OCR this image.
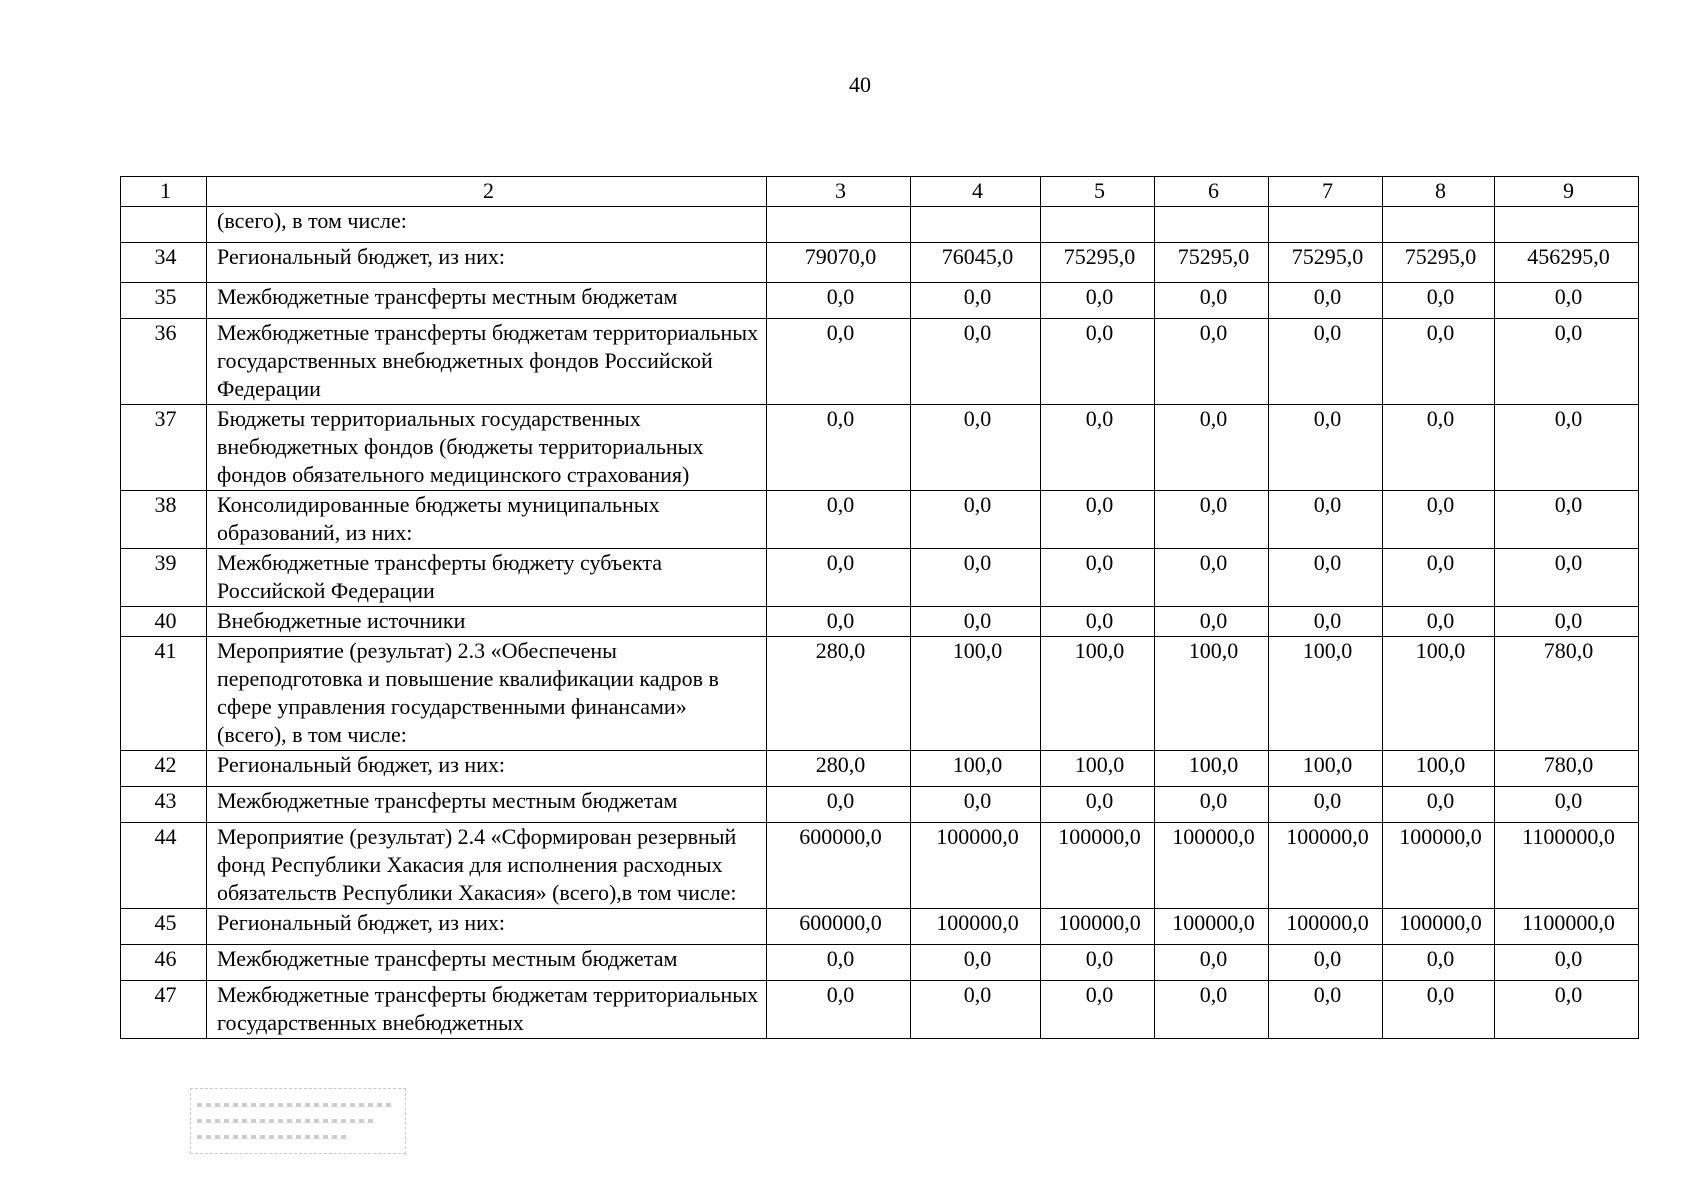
40
1	2	3	4	5	6	7	8	9
	(всего), в том числе:							
34	Региональный бюджет, из них:	79070,0	76045,0	75295,0	75295,0	75295,0	75295,0	456295,0
35	Межбюджетные трансферты местным бюджетам	0,0	0,0	0,0	0,0	0,0	0,0	0,0
36	Межбюджетные трансферты бюджетам территориальных государственных внебюджетных фондов Российской Федерации	0,0	0,0	0,0	0,0	0,0	0,0	0,0
37	Бюджеты территориальных государственных внебюджетных фондов (бюджеты территориальных фондов обязательного медицинского страхования)	0,0	0,0	0,0	0,0	0,0	0,0	0,0
38	Консолидированные бюджеты муниципальных образований, из них:	0,0	0,0	0,0	0,0	0,0	0,0	0,0
39	Межбюджетные трансферты бюджету субъекта Российской Федерации	0,0	0,0	0,0	0,0	0,0	0,0	0,0
40	Внебюджетные источники	0,0	0,0	0,0	0,0	0,0	0,0	0,0
41	Мероприятие (результат) 2.3 «Обеспечены переподготовка и повышение квалификации кадров в сфере управления государственными финансами» (всего), в том числе:	280,0	100,0	100,0	100,0	100,0	100,0	780,0
42	Региональный бюджет, из них:	280,0	100,0	100,0	100,0	100,0	100,0	780,0
43	Межбюджетные трансферты местным бюджетам	0,0	0,0	0,0	0,0	0,0	0,0	0,0
44	Мероприятие (результат) 2.4 «Сформирован резервный фонд Республики Хакасия для исполнения расходных обязательств Республики Хакасия» (всего),в том числе:	600000,0	100000,0	100000,0	100000,0	100000,0	100000,0	1100000,0
45	Региональный бюджет, из них:	600000,0	100000,0	100000,0	100000,0	100000,0	100000,0	1100000,0
46	Межбюджетные трансферты местным бюджетам	0,0	0,0	0,0	0,0	0,0	0,0	0,0
47	Межбюджетные трансферты бюджетам территориальных государственных внебюджетных	0,0	0,0	0,0	0,0	0,0	0,0	0,0
